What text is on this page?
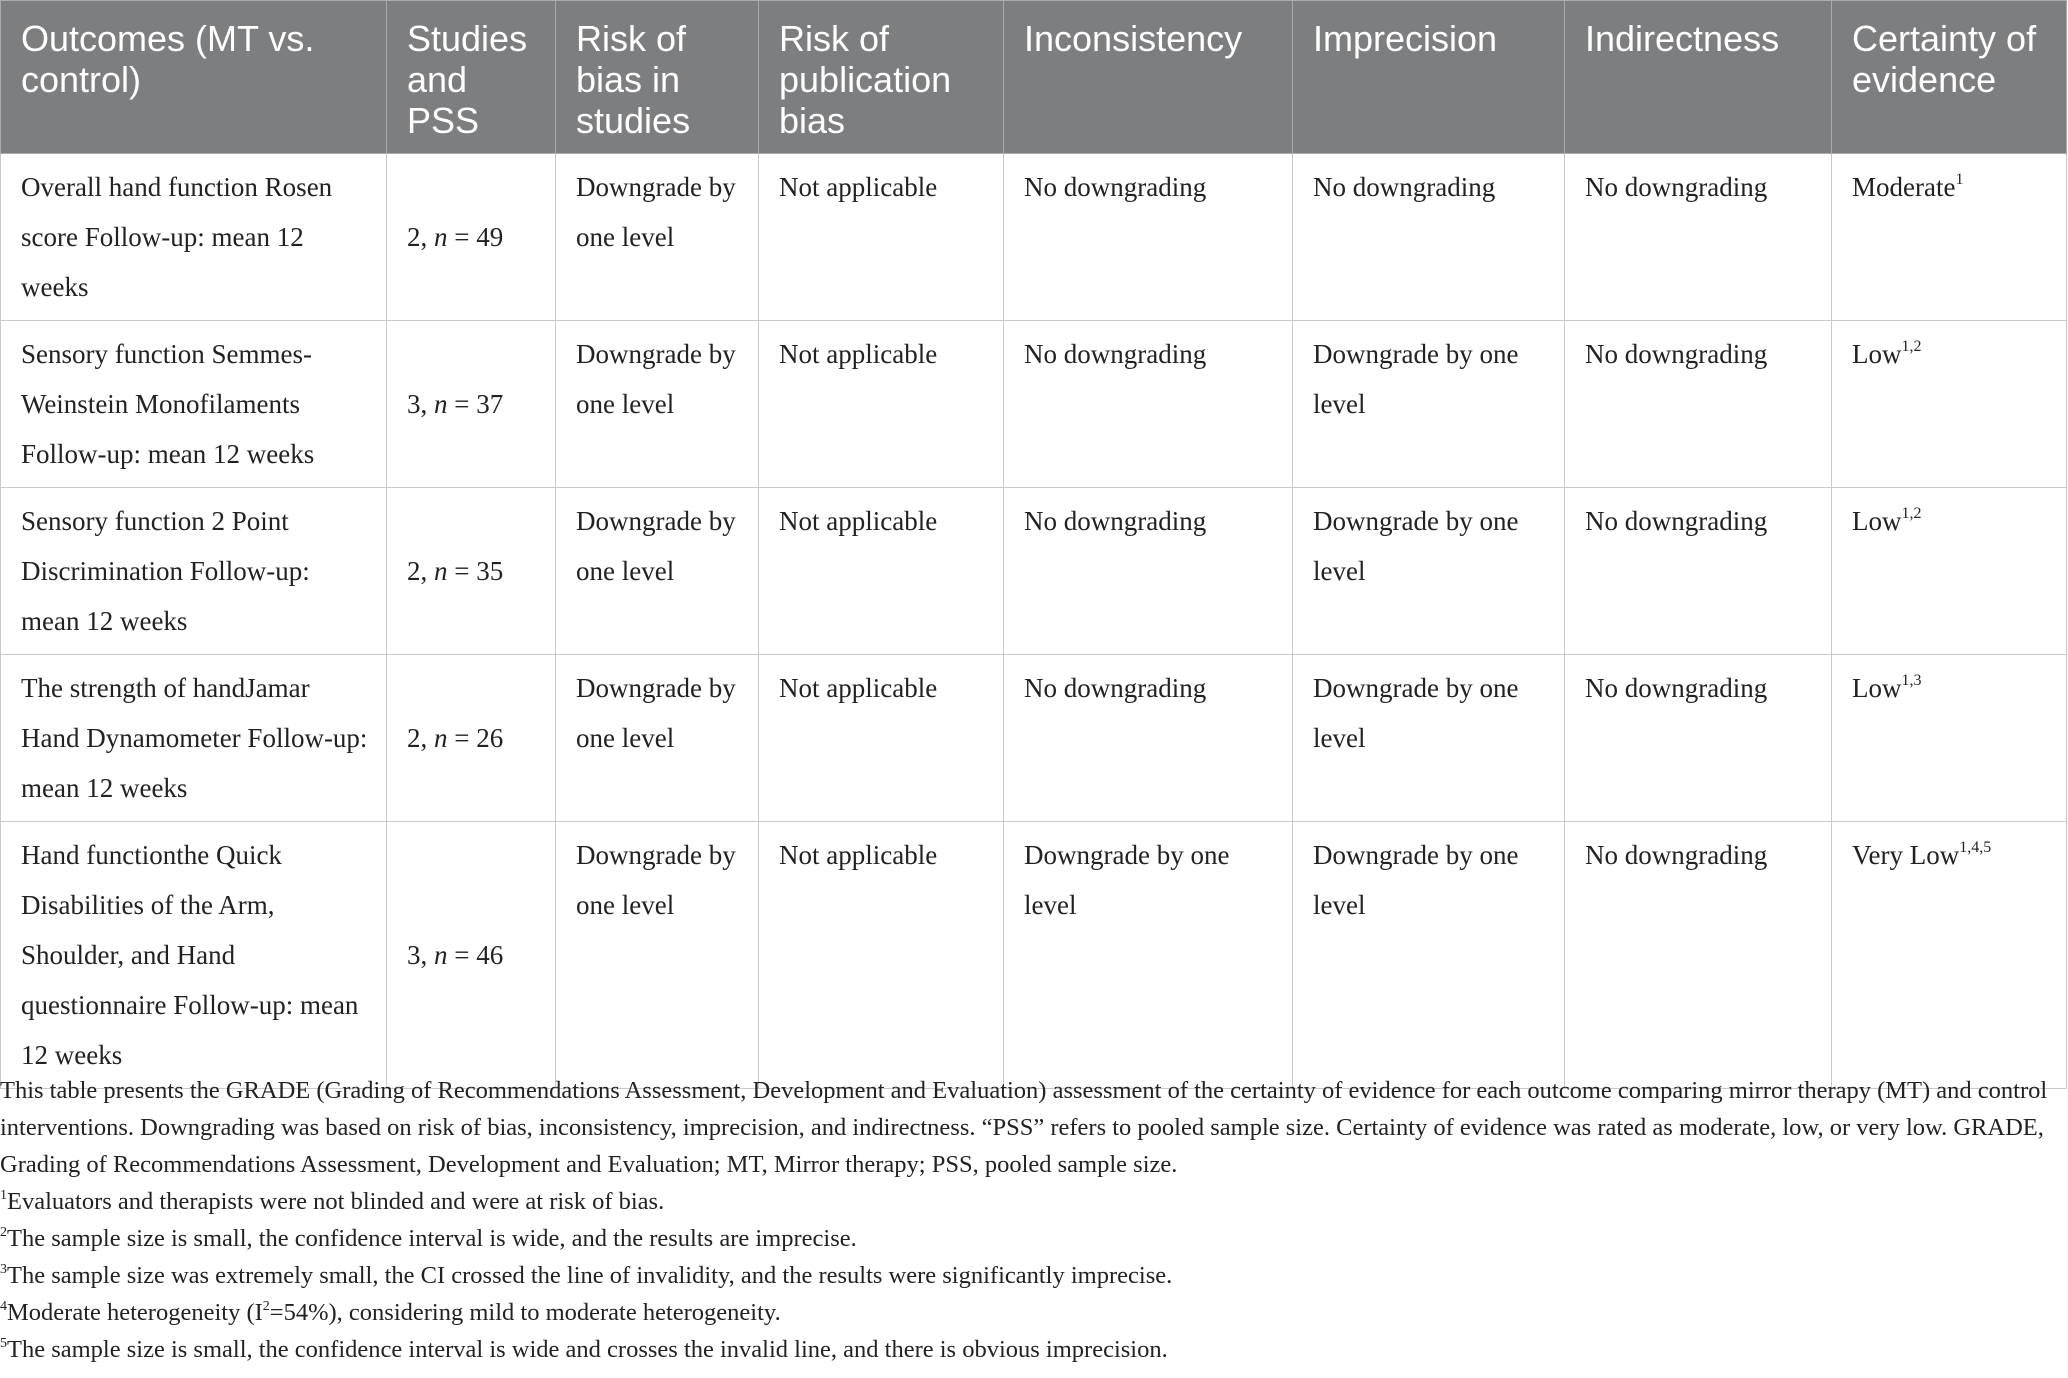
Outcomes (MT vs. control)	Studies and PSS	Risk of bias in studies	Risk of publication bias	Inconsistency	Imprecision	Indirectness	Certainty of evidence
Overall hand function Rosen score Follow-up: mean 12 weeks	2, n = 49	Downgrade by one level	Not applicable	No downgrading	No downgrading	No downgrading	Moderate$^1$
Sensory function Semmes-Weinstein Monofilaments Follow-up: mean 12 weeks	3, n = 37	Downgrade by one level	Not applicable	No downgrading	Downgrade by one level	No downgrading	Low$^{1,2}$
Sensory function 2 Point Discrimination Follow-up: mean 12 weeks	2, n = 35	Downgrade by one level	Not applicable	No downgrading	Downgrade by one level	No downgrading	Low$^{1,2}$
The strength of handJamar Hand Dynamometer Follow-up: mean 12 weeks	2, n = 26	Downgrade by one level	Not applicable	No downgrading	Downgrade by one level	No downgrading	Low$^{1,3}$
Hand functionthe Quick Disabilities of the Arm, Shoulder, and Hand questionnaire Follow-up: mean 12 weeks	3, n = 46	Downgrade by one level	Not applicable	Downgrade by one level	Downgrade by one level	No downgrading	Very Low$^{1,4,5}$

This table presents the GRADE (Grading of Recommendations Assessment, Development and Evaluation) assessment of the certainty of evidence for each outcome comparing mirror therapy (MT) and control interventions. Downgrading was based on risk of bias, inconsistency, imprecision, and indirectness. “PSS” refers to pooled sample size. Certainty of evidence was rated as moderate, low, or very low. GRADE, Grading of Recommendations Assessment, Development and Evaluation; MT, Mirror therapy; PSS, pooled sample size.

$^1$Evaluators and therapists were not blinded and were at risk of bias.

$^2$The sample size is small, the confidence interval is wide, and the results are imprecise.

$^3$The sample size was extremely small, the CI crossed the line of invalidity, and the results were significantly imprecise.

$^4$Moderate heterogeneity $(I^2=54\%)$, considering mild to moderate heterogeneity.

$^5$The sample size is small, the confidence interval is wide and crosses the invalid line, and there is obvious imprecision.
